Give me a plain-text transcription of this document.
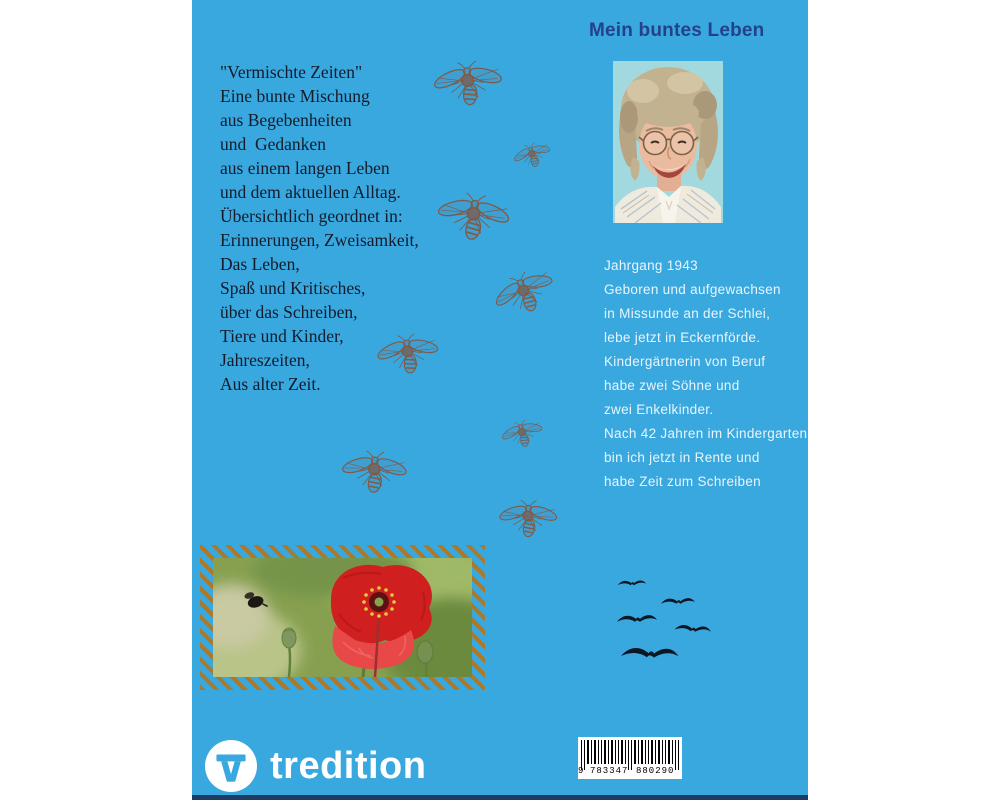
"Vermischte Zeiten"
Eine bunte Mischung
aus Begebenheiten
und  Gedanken
aus einem langen Leben
und dem aktuellen Alltag.
Übersichtlich geordnet in:
Erinnerungen, Zweisamkeit,
Das Leben,
Spaß und Kritisches,
über das Schreiben,
Tiere und Kinder,
Jahreszeiten,
Aus alter Zeit.
Mein buntes Leben
Jahrgang 1943
Geboren und aufgewachsen
in Missunde an der Schlei,
lebe jetzt in Eckernförde.
Kindergärtnerin von Beruf
habe zwei Söhne und
zwei Enkelkinder.
Nach 42 Jahren im Kindergarten
bin ich jetzt in Rente und
habe Zeit zum Schreiben
tredition	9 783347 880290
